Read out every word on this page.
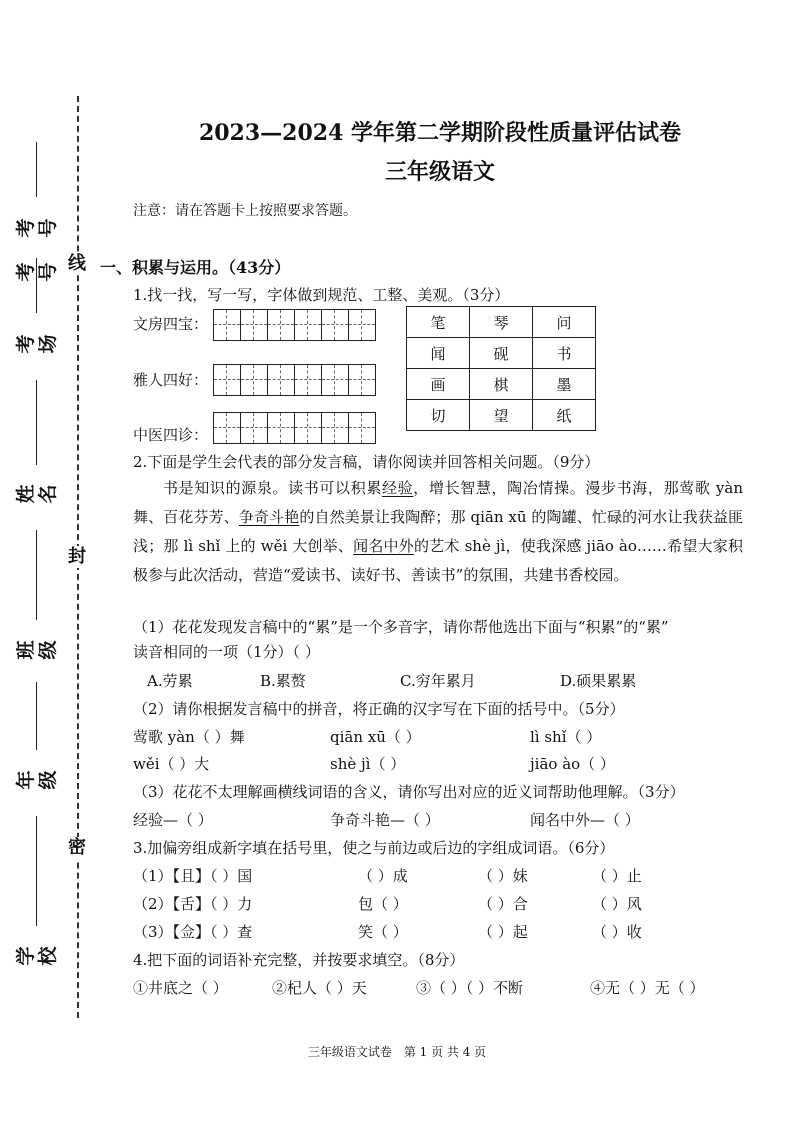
线
封
密
考号
考号
考场
姓名
班级
年级
学校
2023—2024 学年第二学期阶段性质量评估试卷
三年级语文
注意：请在答题卡上按照要求答题。
一、积累与运用。（43分）
1.找一找，写一写，字体做到规范、工整、美观。（3分）
文房四宝：
雅人四好：
中医四诊：
笔	琴	问
闻	砚	书
画	棋	墨
切	望	纸
2.下面是学生会代表的部分发言稿，请你阅读并回答相关问题。（9分）
书是知识的源泉。读书可以积累经验，增长智慧，陶冶情操。漫步书海，那莺歌 yàn 舞、百花芬芳、争奇斗艳的自然美景让我陶醉；那 qiān xū 的陶罐、忙碌的河水让我获益匪浅；那 lì shǐ 上的 wěi 大创举、闻名中外的艺术 shè jì，使我深感 jiāo ào……希望大家积极参与此次活动，营造“爱读书、读好书、善读书”的氛围，共建书香校园。
（1）花花发现发言稿中的“累”是一个多音字，请你帮他选出下面与“积累”的“累”
读音相同的一项（1分）（ ）
A.劳累	B.累赘	C.穷年累月	D.硕果累累
（2）请你根据发言稿中的拼音，将正确的汉字写在下面的括号中。（5分）
莺歌 yàn（ ）舞	qiān xū（ ）	lì shǐ（ ）
wěi（ ）大	shè jì（ ）	jiāo ào（ ）
（3）花花不太理解画横线词语的含义，请你写出对应的近义词帮助他理解。（3分）
经验—（ ）	争奇斗艳—（ ）	闻名中外—（ ）
3.加偏旁组成新字填在括号里，使之与前边或后边的字组成词语。（6分）
（1）【且】（ ）国	（ ）成	（ ）妹	（ ）止
（2）【舌】（ ）力	包（ ）	（ ）合	（ ）风
（3）【佥】（ ）查	笑（ ）	（ ）起	（ ）收
4.把下面的词语补充完整，并按要求填空。（8分）
①井底之（ ）	②杞人（ ）天	③（ ）（ ）不断	④无（ ）无（ ）
三年级语文试卷　第 1 页 共 4 页
